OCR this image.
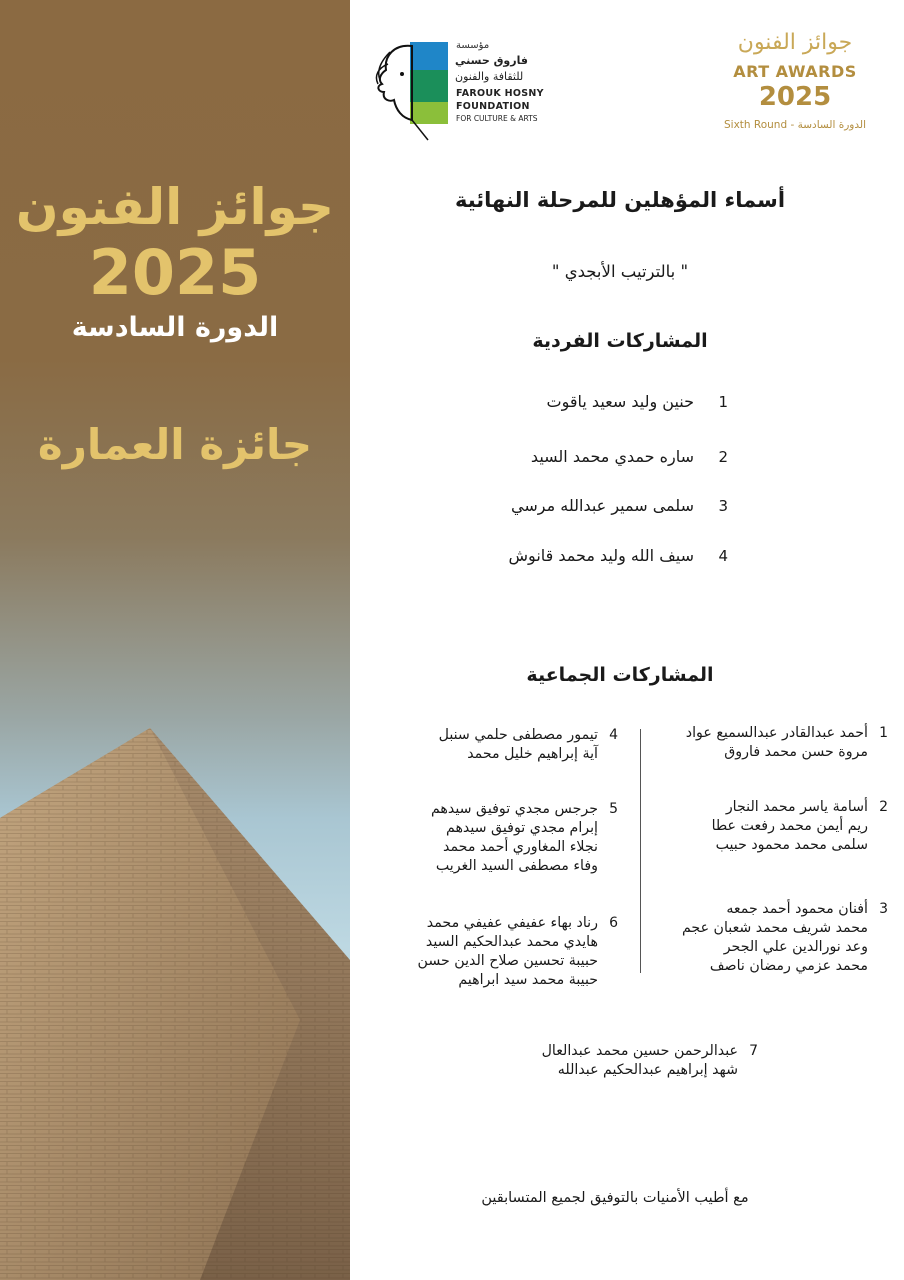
جوائز الفنون
2025
الدورة السادسة
جائزة العمارة
مؤسسة
فاروق حسني
للثقافة والفنون
FAROUK HOSNY
FOUNDATION
FOR CULTURE & ARTS
جوائز الفنون
ART AWARDS
2025
Sixth Round - الدورة السادسة
أسماء المؤهلين للمرحلة النهائية
" بالترتيب الأبجدي "
المشاركات الفردية
1حنين وليد سعيد ياقوت
2ساره حمدي محمد السيد
3سلمى سمير عبدالله مرسي
4سيف الله وليد محمد قانوش
المشاركات الجماعية
1
أحمد عبدالقادر عبدالسميع عواد
مروة حسن محمد فاروق
2
أسامة ياسر محمد النجار
ريم أيمن محمد رفعت عطا
سلمى محمد محمود حبيب
3
أفنان محمود أحمد جمعه
محمد شريف محمد شعبان عجم
وعد نورالدين علي الجحر
محمد عزمي رمضان ناصف
4
تيمور مصطفى حلمي سنبل
آية إبراهيم خليل محمد
5
جرجس مجدي توفيق سيدهم
إبرام مجدي توفيق سيدهم
نجلاء المغاوري أحمد محمد
وفاء مصطفى السيد الغريب
6
رناد بهاء عفيفي عفيفي محمد
هايدي محمد عبدالحكيم السيد
حبيبة تحسين صلاح الدين حسن
حبيبة محمد سيد ابراهيم
7
عبدالرحمن حسين محمد عبدالعال
شهد إبراهيم عبدالحكيم عبدالله
مع أطيب الأمنيات بالتوفيق لجميع المتسابقين
